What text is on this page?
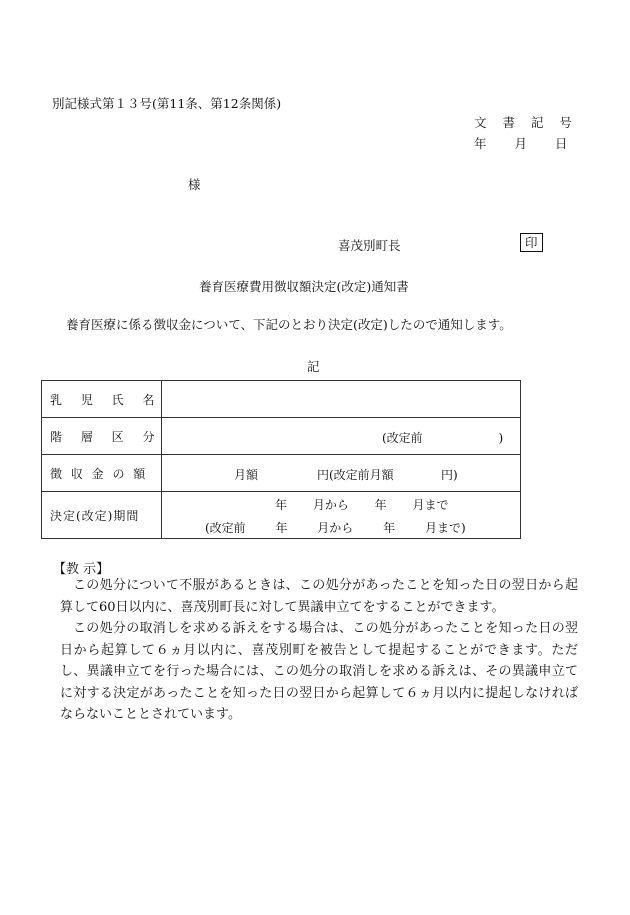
別記様式第１３号(第11条、第12条関係)
文 書 記 号
年 月 日
様
喜茂別町長	印
養育医療費用徴収額決定(改定)通知書
養育医療に係る徴収金について、下記のとおり決定(改定)したので通知します。
記
乳 児 氏 名	
階 層 区 分	(改定前 )

徴 収 金 の 額	月額 円(改定前月額 円)

決定(改定)期間	年 月から 年 月まで
(改定前 年 月から 年 月まで)
【教 示】

この処分について不服があるときは、この処分があったことを知った日の翌日から起算して60日以内に、喜茂別町長に対して異議申立てをすることができます。

この処分の取消しを求める訴えをする場合は、この処分があったことを知った日の翌日から起算して６ヵ月以内に、喜茂別町を被告として提起することができます。ただし、異議申立てを行った場合には、この処分の取消しを求める訴えは、その異議申立てに対する決定があったことを知った日の翌日から起算して６ヵ月以内に提起しなければならないこととされています。
